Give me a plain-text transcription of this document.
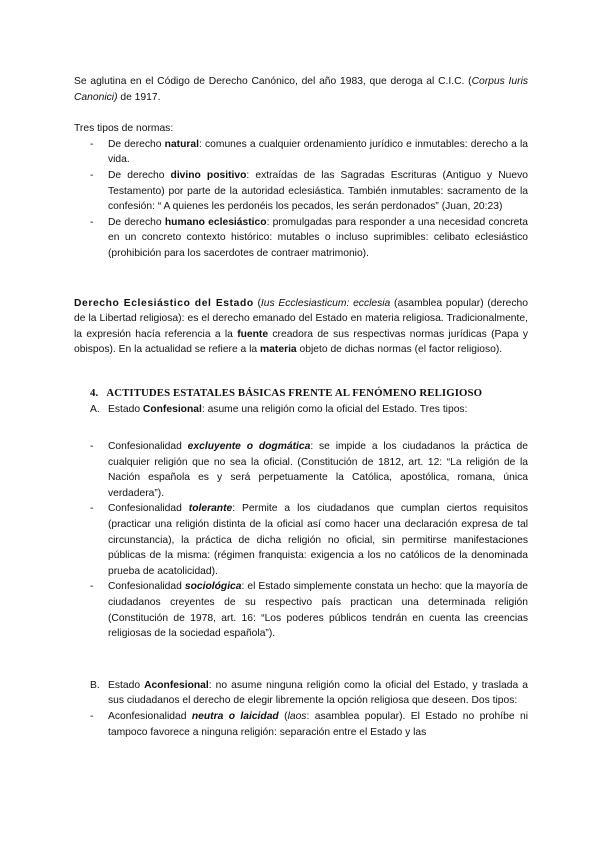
Se aglutina en el Código de Derecho Canónico, del año 1983, que deroga al C.I.C. (Corpus Iuris Canonici) de 1917.

Tres tipos de normas:

- De derecho natural: comunes a cualquier ordenamiento jurídico e inmutables: derecho a la vida.
- De derecho divino positivo: extraídas de las Sagradas Escrituras (Antiguo y Nuevo Testamento) por parte de la autoridad eclesiástica. También inmutables: sacramento de la confesión: “ A quienes les perdonéis los pecados, les serán perdonados” (Juan, 20:23)
- De derecho humano eclesiástico: promulgadas para responder a una necesidad concreta en un concreto contexto histórico: mutables o incluso suprimibles: celibato eclesiástico (prohibición para los sacerdotes de contraer matrimonio).

Derecho Eclesiástico del Estado (Ius Ecclesiasticum: ecclesia (asamblea popular) (derecho de la Libertad religiosa): es el derecho emanado del Estado en materia religiosa. Tradicionalmente, la expresión hacía referencia a la fuente creadora de sus respectivas normas jurídicas (Papa y obispos). En la actualidad se refiere a la materia objeto de dichas normas (el factor religioso).

4. ACTITUDES ESTATALES BÁSICAS FRENTE AL FENÓMENO RELIGIOSO
A. Estado Confesional: asume una religión como la oficial del Estado. Tres tipos:
- Confesionalidad excluyente o dogmática: se impide a los ciudadanos la práctica de cualquier religión que no sea la oficial. (Constitución de 1812, art. 12: “La religión de la Nación española es y será perpetuamente la Católica, apostólica, romana, única verdadera”).
- Confesionalidad tolerante: Permite a los ciudadanos que cumplan ciertos requisitos (practicar una religión distinta de la oficial así como hacer una declaración expresa de tal circunstancia), la práctica de dicha religión no oficial, sin permitirse manifestaciones públicas de la misma: (régimen franquista: exigencia a los no católicos de la denominada prueba de acatolicidad).
- Confesionalidad sociológica: el Estado simplemente constata un hecho: que la mayoría de ciudadanos creyentes de su respectivo país practican una determinada religión (Constitución de 1978, art. 16: “Los poderes públicos tendrán en cuenta las creencias religiosas de la sociedad española”).
B. Estado Aconfesional: no asume ninguna religión como la oficial del Estado, y traslada a sus ciudadanos el derecho de elegir libremente la opción religiosa que deseen. Dos tipos:
- Aconfesionalidad neutra o laicidad (laos: asamblea popular). El Estado no prohíbe ni tampoco favorece a ninguna religión: separación entre el Estado y las
